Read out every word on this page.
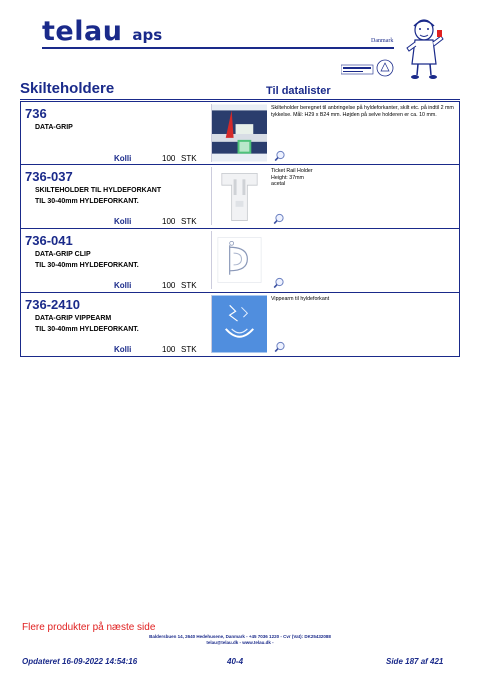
telau aps	Danmark
Skilteholdere	Til datalister
736
DATA-GRIP
Kolli	100 STK
Skilteholder beregnet til anbringelse på hyldeforkanter, skilt etc. på indtil 2 mm tykkelse. Mål: H29 x B24 mm. Højden på selve holderen er ca. 10 mm.
736-037
SKILTEHOLDER TIL HYLDEFORKANT
TIL 30-40mm HYLDEFORKANT.
Kolli	100 STK
Ticket Rail Holder
Height: 37mm
acetal
736-041
DATA-GRIP CLIP
TIL 30-40mm HYLDEFORKANT.
Kolli	100 STK
736-2410
DATA-GRIP VIPPEARM
TIL 30-40mm HYLDEFORKANT.
Kolli	100 STK
Vippearm til hyldeforkant
Flere produkter på næste side
Baldersbuen 14, 2640 Hedehusene, Danmark - +45 7036 1220 - Cvr (Vat): DK25432088
telau@telau.dk - www.telau.dk -
Opdateret 16-09-2022 14:54:16	40-4	Side 187 af 421
